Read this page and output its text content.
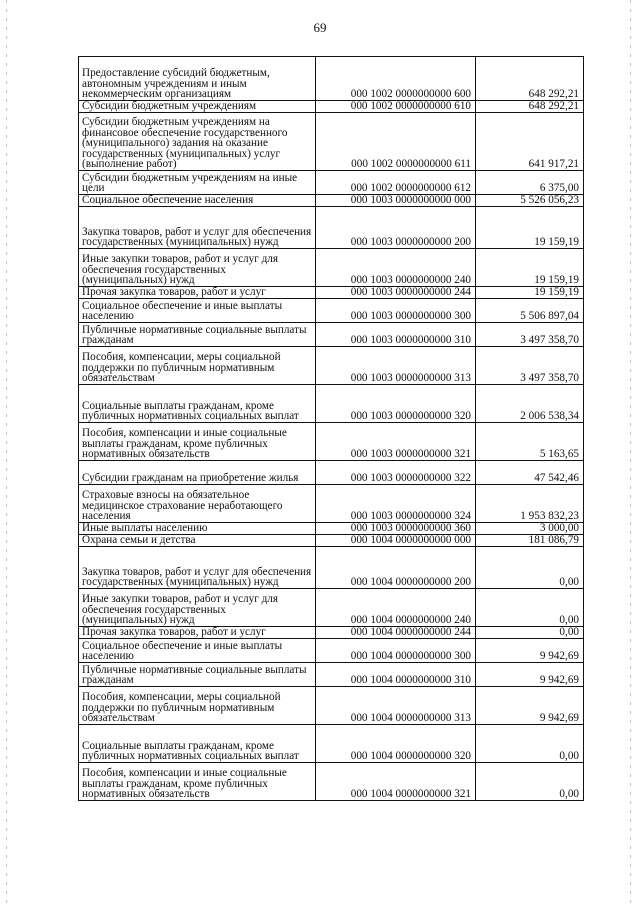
69
Предоставление субсидий бюджетным, автономным учреждениям и иным некоммерческим организациям	000 1002 0000000000 600	648 292,21
Субсидии бюджетным учреждениям	000 1002 0000000000 610	648 292,21
Субсидии бюджетным учреждениям на финансовое обеспечение государственного (муниципального) задания на оказание государственных (муниципальных) услуг (выполнение работ)	000 1002 0000000000 611	641 917,21
Субсидии бюджетным учреждениям на иные цели	000 1002 0000000000 612	6 375,00
Социальное обеспечение населения	000 1003 0000000000 000	5 526 056,23
Закупка товаров, работ и услуг для обеспечения государственных (муниципальных) нужд	000 1003 0000000000 200	19 159,19
Иные закупки товаров, работ и услуг для обеспечения государственных (муниципальных) нужд	000 1003 0000000000 240	19 159,19
Прочая закупка товаров, работ и услуг	000 1003 0000000000 244	19 159,19
Социальное обеспечение и иные выплаты населению	000 1003 0000000000 300	5 506 897,04
Публичные нормативные социальные выплаты гражданам	000 1003 0000000000 310	3 497 358,70
Пособия, компенсации, меры социальной поддержки по публичным нормативным обязательствам	000 1003 0000000000 313	3 497 358,70
Социальные выплаты гражданам, кроме публичных нормативных социальных выплат	000 1003 0000000000 320	2 006 538,34
Пособия, компенсации и иные социальные выплаты гражданам, кроме публичных нормативных обязательств	000 1003 0000000000 321	5 163,65
Субсидии гражданам на приобретение жилья	000 1003 0000000000 322	47 542,46
Страховые взносы на обязательное медицинское страхование неработающего населения	000 1003 0000000000 324	1 953 832,23
Иные выплаты населению	000 1003 0000000000 360	3 000,00
Охрана семьи и детства	000 1004 0000000000 000	181 086,79
Закупка товаров, работ и услуг для обеспечения государственных (муниципальных) нужд	000 1004 0000000000 200	0,00
Иные закупки товаров, работ и услуг для обеспечения государственных (муниципальных) нужд	000 1004 0000000000 240	0,00
Прочая закупка товаров, работ и услуг	000 1004 0000000000 244	0,00
Социальное обеспечение и иные выплаты населению	000 1004 0000000000 300	9 942,69
Публичные нормативные социальные выплаты гражданам	000 1004 0000000000 310	9 942,69
Пособия, компенсации, меры социальной поддержки по публичным нормативным обязательствам	000 1004 0000000000 313	9 942,69
Социальные выплаты гражданам, кроме публичных нормативных социальных выплат	000 1004 0000000000 320	0,00
Пособия, компенсации и иные социальные выплаты гражданам, кроме публичных нормативных обязательств	000 1004 0000000000 321	0,00
